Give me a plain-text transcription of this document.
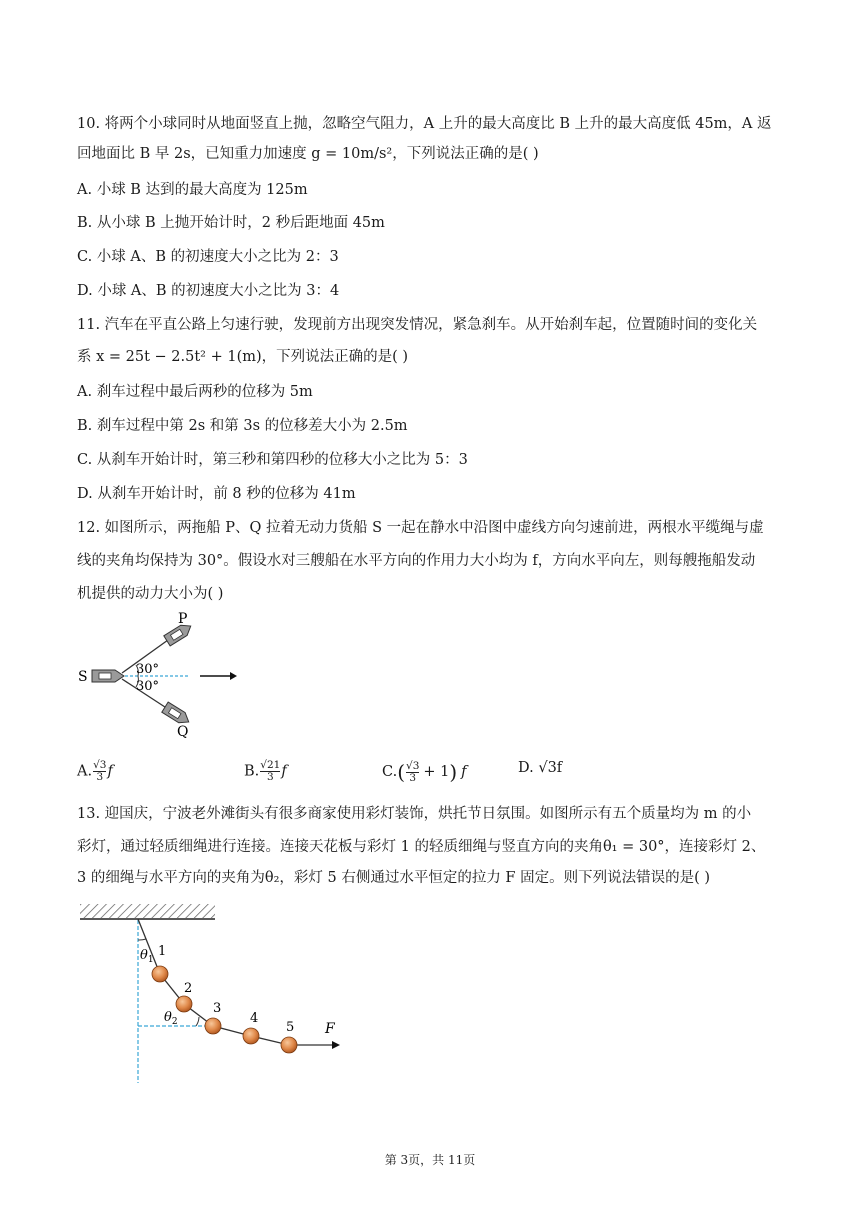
10. 将两个小球同时从地面竖直上抛，忽略空气阻力，A 上升的最大高度比 B 上升的最大高度低 45m，A 返
回地面比 B 早 2s，已知重力加速度 g = 10m/s²，下列说法正确的是( )
A. 小球 B 达到的最大高度为 125m
B. 从小球 B 上抛开始计时，2 秒后距地面 45m
C. 小球 A、B 的初速度大小之比为 2：3
D. 小球 A、B 的初速度大小之比为 3：4
11. 汽车在平直公路上匀速行驶，发现前方出现突发情况，紧急刹车。从开始刹车起，位置随时间的变化关
系 x = 25t − 2.5t² + 1(m)，下列说法正确的是( )
A. 刹车过程中最后两秒的位移为 5m
B. 刹车过程中第 2s 和第 3s 的位移差大小为 2.5m
C. 从刹车开始计时，第三秒和第四秒的位移大小之比为 5：3
D. 从刹车开始计时，前 8 秒的位移为 41m
12. 如图所示，两拖船 P、Q 拉着无动力货船 S 一起在静水中沿图中虚线方向匀速前进，两根水平缆绳与虚
线的夹角均保持为 30°。假设水对三艘船在水平方向的作用力大小均为 f，方向水平向左，则每艘拖船发动
机提供的动力大小为( )
P
Q
S	30°
30°
A. $\frac{√3}{3}$ f	B. $\frac{√21}{3}$ f	$C.( \frac{√3}{3} + 1)$ f	D. √3f
13. 迎国庆，宁波老外滩街头有很多商家使用彩灯装饰，烘托节日氛围。如图所示有五个质量均为 m 的小
彩灯，通过轻质细绳进行连接。连接天花板与彩灯 1 的轻质细绳与竖直方向的夹角θ₁ = 30°，连接彩灯 2、
3 的细绳与水平方向的夹角为θ₂，彩灯 5 右侧通过水平恒定的拉力 F 固定。则下列说法错误的是( )
1
2
3
4
5 F
$\theta_1$
$\theta_2$
第 3页，共 11页
